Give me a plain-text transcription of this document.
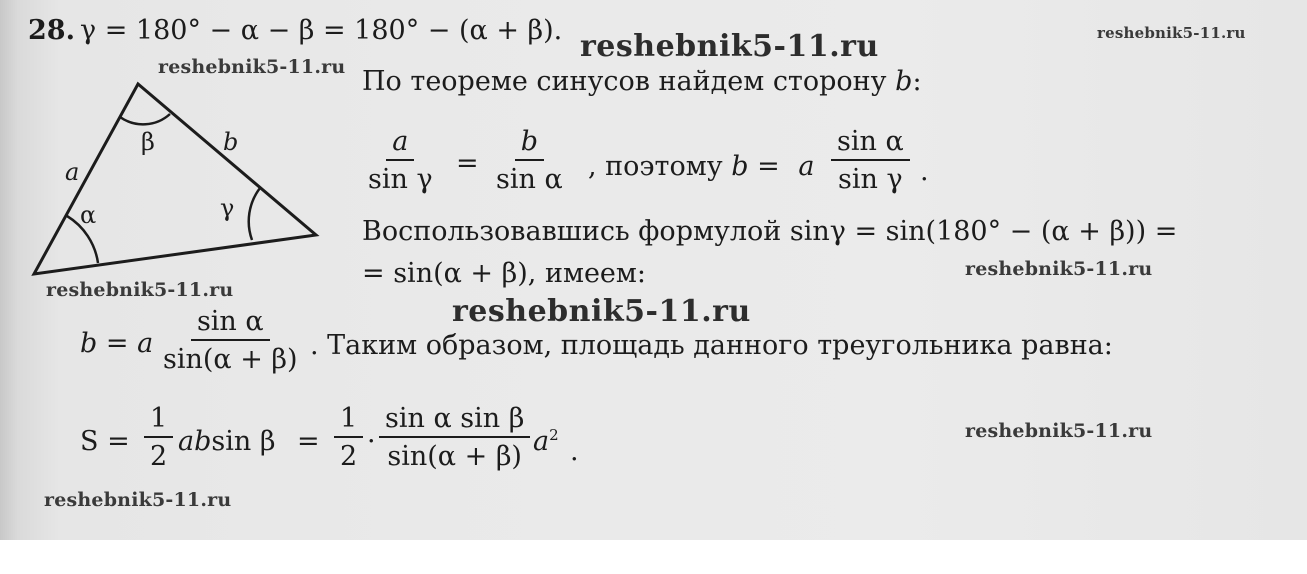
28. γ = 180° − α − β = 180° − (α + β). reshebnik5-11.ru	reshebnik5-11.ru
a
b
α
β
γ
reshebnik5-11.ru По теореме синусов найдем сторону b:
$\frac{a}{\text{sin γ}} = \frac{b}{\text{sin α}}$ , поэтому b = a $\frac{\text{sin α}}{\text{sin γ}}$ .
Воспользовавшись формулой sinγ = sin(180° − (α + β)) =
= sin(α + β), имеем:	reshebnik5-11.ru
reshebnik5-11.ru
reshebnik5-11.ru
b = a $\frac{\text{sin α}}{\sin(\alpha + \beta)}$ . Таким образом, площадь данного треугольника равна:
$S = \frac{1}{2}$ absin $\beta = \frac{1}{2} \cdot \frac{\text{sin α sin β}}{\sin(\alpha + \beta)} a^2$
.
reshebnik5-11.ru
reshebnik5-11.ru
